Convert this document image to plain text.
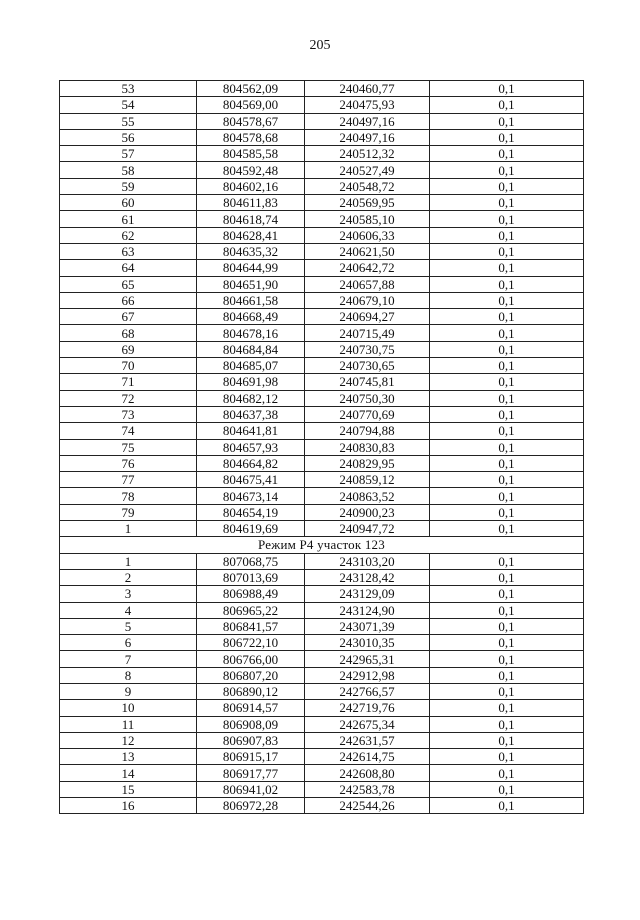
205
53	804562,09	240460,77	0,1
54	804569,00	240475,93	0,1
55	804578,67	240497,16	0,1
56	804578,68	240497,16	0,1
57	804585,58	240512,32	0,1
58	804592,48	240527,49	0,1
59	804602,16	240548,72	0,1
60	804611,83	240569,95	0,1
61	804618,74	240585,10	0,1
62	804628,41	240606,33	0,1
63	804635,32	240621,50	0,1
64	804644,99	240642,72	0,1
65	804651,90	240657,88	0,1
66	804661,58	240679,10	0,1
67	804668,49	240694,27	0,1
68	804678,16	240715,49	0,1
69	804684,84	240730,75	0,1
70	804685,07	240730,65	0,1
71	804691,98	240745,81	0,1
72	804682,12	240750,30	0,1
73	804637,38	240770,69	0,1
74	804641,81	240794,88	0,1
75	804657,93	240830,83	0,1
76	804664,82	240829,95	0,1
77	804675,41	240859,12	0,1
78	804673,14	240863,52	0,1
79	804654,19	240900,23	0,1
1	804619,69	240947,72	0,1
Режим Р4 участок 123			
1	807068,75	243103,20	0,1
2	807013,69	243128,42	0,1
3	806988,49	243129,09	0,1
4	806965,22	243124,90	0,1
5	806841,57	243071,39	0,1
6	806722,10	243010,35	0,1
7	806766,00	242965,31	0,1
8	806807,20	242912,98	0,1
9	806890,12	242766,57	0,1
10	806914,57	242719,76	0,1
11	806908,09	242675,34	0,1
12	806907,83	242631,57	0,1
13	806915,17	242614,75	0,1
14	806917,77	242608,80	0,1
15	806941,02	242583,78	0,1
16	806972,28	242544,26	0,1
